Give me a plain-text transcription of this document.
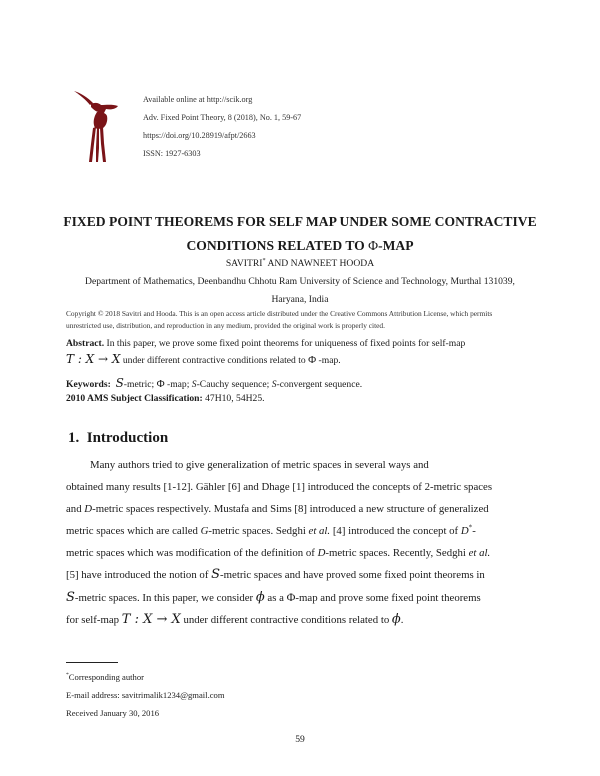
Available online at http://scik.org
Adv. Fixed Point Theory, 8 (2018), No. 1, 59-67
https://doi.org/10.28919/afpt/2663
ISSN: 1927-6303
FIXED POINT THEOREMS FOR SELF MAP UNDER SOME CONTRACTIVE
CONDITIONS RELATED TO Φ-MAP
SAVITRI* AND NAWNEET HOODA
Department of Mathematics, Deenbandhu Chhotu Ram University of Science and Technology, Murthal 131039,
Haryana, India
Copyright © 2018 Savitri and Hooda. This is an open access article distributed under the Creative Commons Attribution License, which permits
unrestricted use, distribution, and reproduction in any medium, provided the original work is properly cited.
Abstract. In this paper, we prove some fixed point theorems for uniqueness of fixed points for self-map
T : X → X under different contractive conditions related to Φ -map.
Keywords: S-metric; Φ -map; S-Cauchy sequence; S-convergent sequence.
2010 AMS Subject Classification: 47H10, 54H25.
1. Introduction

Many authors tried to give generalization of metric spaces in several ways and

obtained many results [1-12]. Gähler [6] and Dhage [1] introduced the concepts of 2-metric spaces

and D-metric spaces respectively. Mustafa and Sims [8] introduced a new structure of generalized

metric spaces which are called G-metric spaces. Sedghi et al. [4] introduced the concept of D*-

metric spaces which was modification of the definition of D-metric spaces. Recently, Sedghi et al.

[5] have introduced the notion of S-metric spaces and have proved some fixed point theorems in

S-metric spaces. In this paper, we consider ϕ as a Φ-map and prove some fixed point theorems

for self-map T : X → X under different contractive conditions related to ϕ.

*Corresponding author
E-mail address: savitrimalik1234@gmail.com
Received January 30, 2016
59
